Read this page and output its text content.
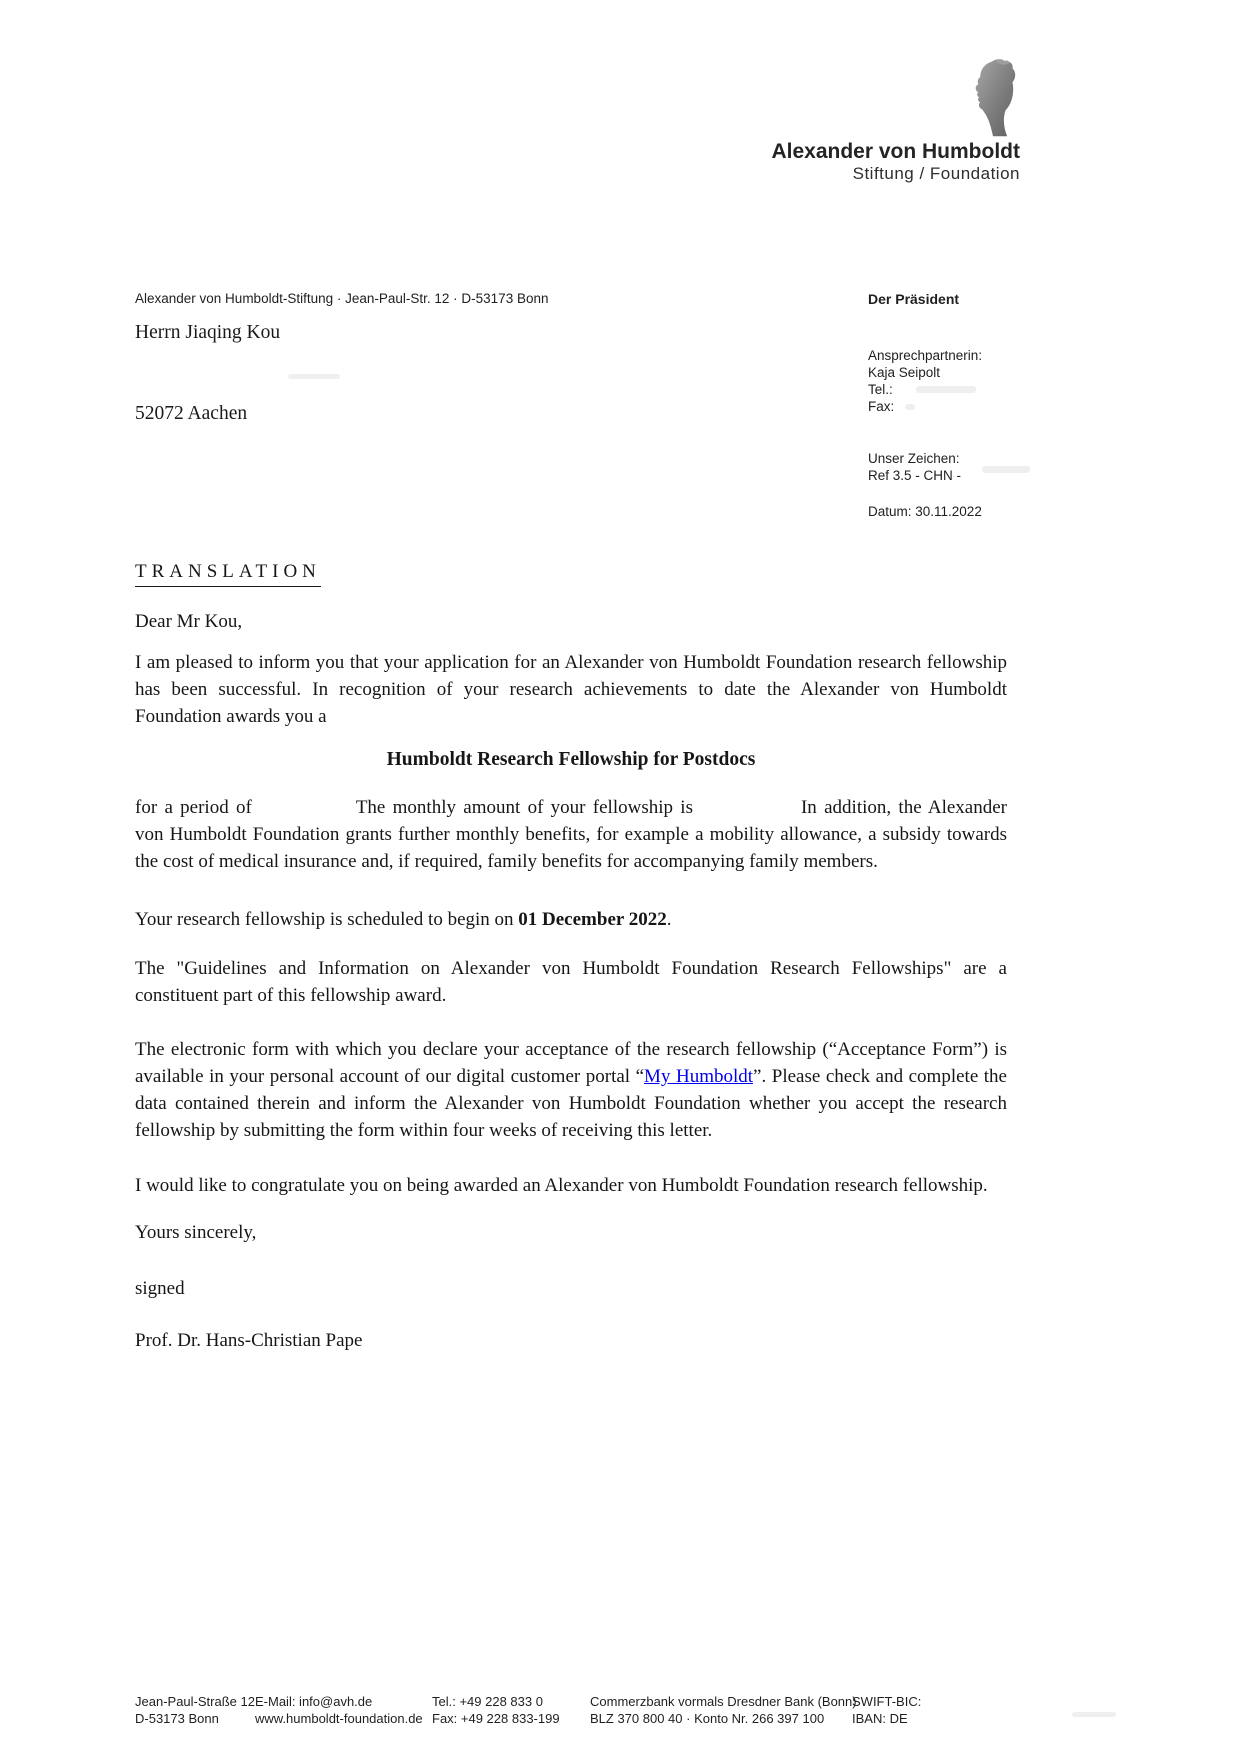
Alexander von Humboldt
Stiftung / Foundation
Alexander von Humboldt-Stiftung · Jean-Paul-Str. 12 · D-53173 Bonn
Herrn Jiaqing Kou
52072 Aachen
Der Präsident
Ansprechpartnerin:
Kaja Seipolt
Tel.:
Fax:
Unser Zeichen:
Ref 3.5 - CHN -
Datum: 30.11.2022
TRANSLATION
Dear Mr Kou,

I am pleased to inform you that your application for an Alexander von Humboldt Foundation research fellowship has been successful. In recognition of your research achievements to date the Alexander von Humboldt Foundation awards you a

Humboldt Research Fellowship for Postdocs

for a period of	The monthly amount of your fellowship is	In addition, the Alexander von Humboldt Foundation grants further monthly benefits, for example a mobility allowance, a subsidy towards the cost of medical insurance and, if required, family benefits for accompanying family members.

Your research fellowship is scheduled to begin on 01 December 2022.

The "Guidelines and Information on Alexander von Humboldt Foundation Research Fellowships" are a constituent part of this fellowship award.

The electronic form with which you declare your acceptance of the research fellowship (“Acceptance Form”) is available in your personal account of our digital customer portal “My Humboldt”. Please check and complete the data contained therein and inform the Alexander von Humboldt Foundation whether you accept the research fellowship by submitting the form within four weeks of receiving this letter.

I would like to congratulate you on being awarded an Alexander von Humboldt Foundation research fellowship.

Yours sincerely,

signed

Prof. Dr. Hans-Christian Pape

Jean-Paul-Straße 12
D-53173 Bonn
E-Mail: info@avh.de
www.humboldt-foundation.de
Tel.: +49 228 833 0
Fax: +49 228 833-199
Commerzbank vormals Dresdner Bank (Bonn)
BLZ 370 800 40 · Konto Nr. 266 397 100
SWIFT-BIC:
IBAN: DE
